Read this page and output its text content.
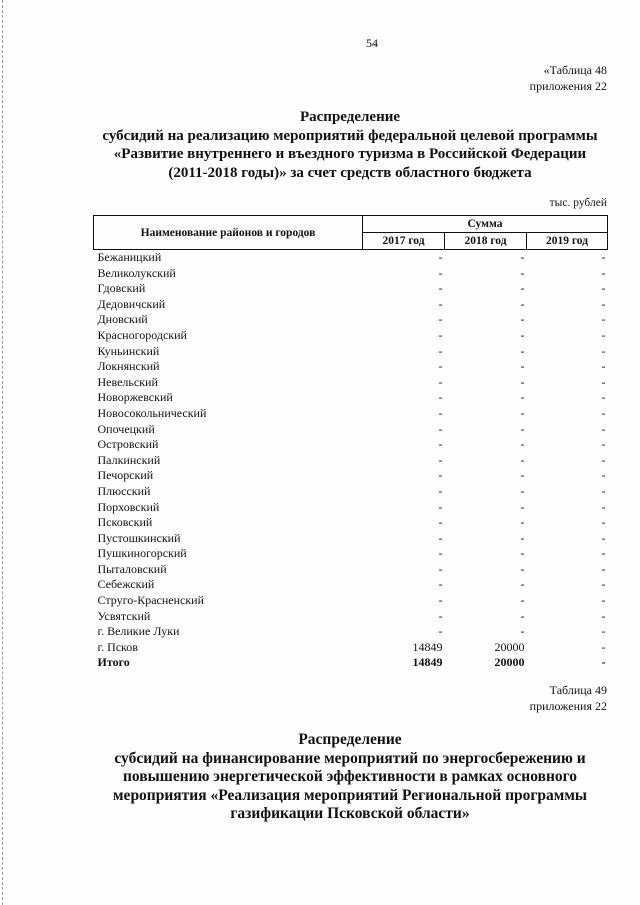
54
«Таблица 48
приложения 22
Распределение
субсидий на реализацию мероприятий федеральной целевой программы
«Развитие внутреннего и въездного туризма в Российской Федерации
(2011-2018 годы)» за счет средств областного бюджета
тыс. рублей
Наименование районов и городов	Сумма		
	2017 год	2018 год	2019 год
Бежаницкий	-	-	-
Великолукский	-	-	-
Гдовский	-	-	-
Дедовичский	-	-	-
Дновский	-	-	-
Красногородский	-	-	-
Куньинский	-	-	-
Локнянский	-	-	-
Невельский	-	-	-
Новоржевский	-	-	-
Новосокольнический	-	-	-
Опочецкий	-	-	-
Островский	-	-	-
Палкинский	-	-	-
Печорский	-	-	-
Плюсский	-	-	-
Порховский	-	-	-
Псковский	-	-	-
Пустошкинский	-	-	-
Пушкиногорский	-	-	-
Пыталовский	-	-	-
Себежский	-	-	-
Струго-Красненский	-	-	-
Усвятский	-	-	-
г. Великие Луки	-	-	-
г. Псков	14849	20000	-
Итого	14849	20000	-
Таблица 49
приложения 22
Распределение
субсидий на финансирование мероприятий по энергосбережению и
повышению энергетической эффективности в рамках основного
мероприятия «Реализация мероприятий Региональной программы
газификации Псковской области»
